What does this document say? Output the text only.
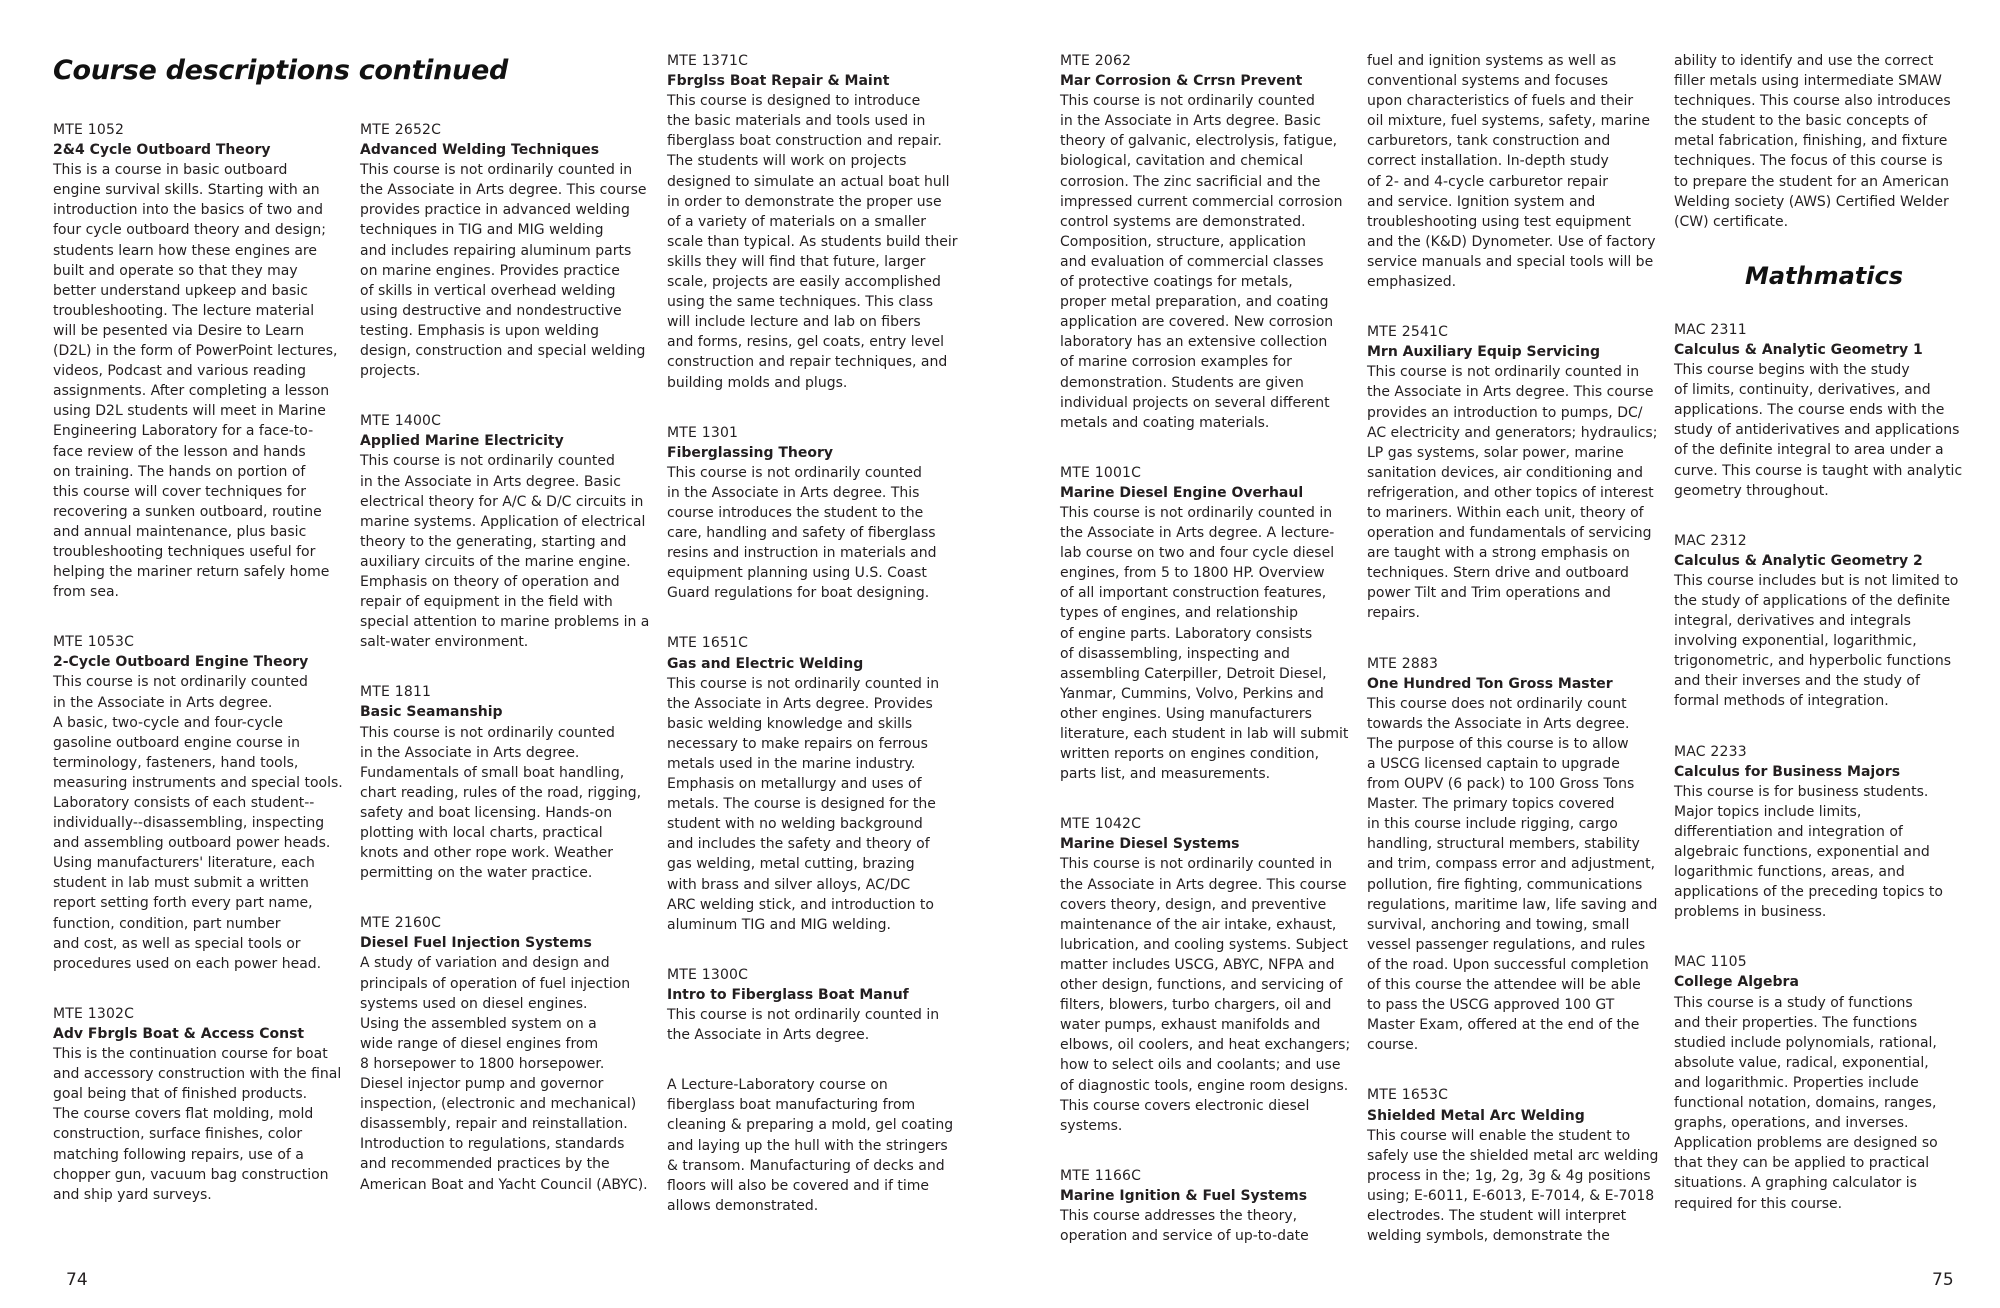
Course descriptions continued
MTE 1052
2&4 Cycle Outboard Theory
This is a course in basic outboard
engine survival skills. Starting with an
introduction into the basics of two and
four cycle outboard theory and design;
students learn how these engines are
built and operate so that they may
better understand upkeep and basic
troubleshooting. The lecture material
will be pesented via Desire to Learn
(D2L) in the form of PowerPoint lectures,
videos, Podcast and various reading
assignments. After completing a lesson
using D2L students will meet in Marine
Engineering Laboratory for a face-to-
face review of the lesson and hands
on training. The hands on portion of
this course will cover techniques for
recovering a sunken outboard, routine
and annual maintenance, plus basic
troubleshooting techniques useful for
helping the mariner return safely home
from sea.
MTE 1053C
2-Cycle Outboard Engine Theory
This course is not ordinarily counted
in the Associate in Arts degree.
A basic, two-cycle and four-cycle
gasoline outboard engine course in
terminology, fasteners, hand tools,
measuring instruments and special tools.
Laboratory consists of each student--
individually--disassembling, inspecting
and assembling outboard power heads.
Using manufacturers' literature, each
student in lab must submit a written
report setting forth every part name,
function, condition, part number
and cost, as well as special tools or
procedures used on each power head.
MTE 1302C
Adv Fbrgls Boat & Access Const
This is the continuation course for boat
and accessory construction with the final
goal being that of finished products.
The course covers flat molding, mold
construction, surface finishes, color
matching following repairs, use of a
chopper gun, vacuum bag construction
and ship yard surveys.
MTE 2652C
Advanced Welding Techniques
This course is not ordinarily counted in
the Associate in Arts degree. This course
provides practice in advanced welding
techniques in TIG and MIG welding
and includes repairing aluminum parts
on marine engines. Provides practice
of skills in vertical overhead welding
using destructive and nondestructive
testing. Emphasis is upon welding
design, construction and special welding
projects.
MTE 1400C
Applied Marine Electricity
This course is not ordinarily counted
in the Associate in Arts degree. Basic
electrical theory for A/C & D/C circuits in
marine systems. Application of electrical
theory to the generating, starting and
auxiliary circuits of the marine engine.
Emphasis on theory of operation and
repair of equipment in the field with
special attention to marine problems in a
salt-water environment.
MTE 1811
Basic Seamanship
This course is not ordinarily counted
in the Associate in Arts degree.
Fundamentals of small boat handling,
chart reading, rules of the road, rigging,
safety and boat licensing. Hands-on
plotting with local charts, practical
knots and other rope work. Weather
permitting on the water practice.
MTE 2160C
Diesel Fuel Injection Systems
A study of variation and design and
principals of operation of fuel injection
systems used on diesel engines.
Using the assembled system on a
wide range of diesel engines from
8 horsepower to 1800 horsepower.
Diesel injector pump and governor
inspection, (electronic and mechanical)
disassembly, repair and reinstallation.
Introduction to regulations, standards
and recommended practices by the
American Boat and Yacht Council (ABYC).
MTE 1371C
Fbrglss Boat Repair & Maint
This course is designed to introduce
the basic materials and tools used in
fiberglass boat construction and repair.
The students will work on projects
designed to simulate an actual boat hull
in order to demonstrate the proper use
of a variety of materials on a smaller
scale than typical. As students build their
skills they will find that future, larger
scale, projects are easily accomplished
using the same techniques. This class
will include lecture and lab on fibers
and forms, resins, gel coats, entry level
construction and repair techniques, and
building molds and plugs.
MTE 1301
Fiberglassing Theory
This course is not ordinarily counted
in the Associate in Arts degree. This
course introduces the student to the
care, handling and safety of fiberglass
resins and instruction in materials and
equipment planning using U.S. Coast
Guard regulations for boat designing.
MTE 1651C
Gas and Electric Welding
This course is not ordinarily counted in
the Associate in Arts degree. Provides
basic welding knowledge and skills
necessary to make repairs on ferrous
metals used in the marine industry.
Emphasis on metallurgy and uses of
metals. The course is designed for the
student with no welding background
and includes the safety and theory of
gas welding, metal cutting, brazing
with brass and silver alloys, AC/DC
ARC welding stick, and introduction to
aluminum TIG and MIG welding.
MTE 1300C
Intro to Fiberglass Boat Manuf
This course is not ordinarily counted in
the Associate in Arts degree.
A Lecture-Laboratory course on
fiberglass boat manufacturing from
cleaning & preparing a mold, gel coating
and laying up the hull with the stringers
& transom. Manufacturing of decks and
floors will also be covered and if time
allows demonstrated.
74
MTE 2062
Mar Corrosion & Crrsn Prevent
This course is not ordinarily counted
in the Associate in Arts degree. Basic
theory of galvanic, electrolysis, fatigue,
biological, cavitation and chemical
corrosion. The zinc sacrificial and the
impressed current commercial corrosion
control systems are demonstrated.
Composition, structure, application
and evaluation of commercial classes
of protective coatings for metals,
proper metal preparation, and coating
application are covered. New corrosion
laboratory has an extensive collection
of marine corrosion examples for
demonstration. Students are given
individual projects on several different
metals and coating materials.
MTE 1001C
Marine Diesel Engine Overhaul
This course is not ordinarily counted in
the Associate in Arts degree. A lecture-
lab course on two and four cycle diesel
engines, from 5 to 1800 HP. Overview
of all important construction features,
types of engines, and relationship
of engine parts. Laboratory consists
of disassembling, inspecting and
assembling Caterpiller, Detroit Diesel,
Yanmar, Cummins, Volvo, Perkins and
other engines. Using manufacturers
literature, each student in lab will submit
written reports on engines condition,
parts list, and measurements.
MTE 1042C
Marine Diesel Systems
This course is not ordinarily counted in
the Associate in Arts degree. This course
covers theory, design, and preventive
maintenance of the air intake, exhaust,
lubrication, and cooling systems. Subject
matter includes USCG, ABYC, NFPA and
other design, functions, and servicing of
filters, blowers, turbo chargers, oil and
water pumps, exhaust manifolds and
elbows, oil coolers, and heat exchangers;
how to select oils and coolants; and use
of diagnostic tools, engine room designs.
This course covers electronic diesel
systems.
MTE 1166C
Marine Ignition & Fuel Systems
This course addresses the theory,
operation and service of up-to-date
fuel and ignition systems as well as
conventional systems and focuses
upon characteristics of fuels and their
oil mixture, fuel systems, safety, marine
carburetors, tank construction and
correct installation. In-depth study
of 2- and 4-cycle carburetor repair
and service. Ignition system and
troubleshooting using test equipment
and the (K&D) Dynometer. Use of factory
service manuals and special tools will be
emphasized.
MTE 2541C
Mrn Auxiliary Equip Servicing
This course is not ordinarily counted in
the Associate in Arts degree. This course
provides an introduction to pumps, DC/
AC electricity and generators; hydraulics;
LP gas systems, solar power, marine
sanitation devices, air conditioning and
refrigeration, and other topics of interest
to mariners. Within each unit, theory of
operation and fundamentals of servicing
are taught with a strong emphasis on
techniques. Stern drive and outboard
power Tilt and Trim operations and
repairs.
MTE 2883
One Hundred Ton Gross Master
This course does not ordinarily count
towards the Associate in Arts degree.
The purpose of this course is to allow
a USCG licensed captain to upgrade
from OUPV (6 pack) to 100 Gross Tons
Master. The primary topics covered
in this course include rigging, cargo
handling, structural members, stability
and trim, compass error and adjustment,
pollution, fire fighting, communications
regulations, maritime law, life saving and
survival, anchoring and towing, small
vessel passenger regulations, and rules
of the road. Upon successful completion
of this course the attendee will be able
to pass the USCG approved 100 GT
Master Exam, offered at the end of the
course.
MTE 1653C
Shielded Metal Arc Welding
This course will enable the student to
safely use the shielded metal arc welding
process in the; 1g, 2g, 3g & 4g positions
using; E-6011, E-6013, E-7014, & E-7018
electrodes. The student will interpret
welding symbols, demonstrate the
ability to identify and use the correct
filler metals using intermediate SMAW
techniques. This course also introduces
the student to the basic concepts of
metal fabrication, finishing, and fixture
techniques. The focus of this course is
to prepare the student for an American
Welding society (AWS) Certified Welder
(CW) certificate.
Mathmatics
MAC 2311
Calculus & Analytic Geometry 1
This course begins with the study
of limits, continuity, derivatives, and
applications. The course ends with the
study of antiderivatives and applications
of the definite integral to area under a
curve. This course is taught with analytic
geometry throughout.
MAC 2312
Calculus & Analytic Geometry 2
This course includes but is not limited to
the study of applications of the definite
integral, derivatives and integrals
involving exponential, logarithmic,
trigonometric, and hyperbolic functions
and their inverses and the study of
formal methods of integration.
MAC 2233
Calculus for Business Majors
This course is for business students.
Major topics include limits,
differentiation and integration of
algebraic functions, exponential and
logarithmic functions, areas, and
applications of the preceding topics to
problems in business.
MAC 1105
College Algebra
This course is a study of functions
and their properties. The functions
studied include polynomials, rational,
absolute value, radical, exponential,
and logarithmic. Properties include
functional notation, domains, ranges,
graphs, operations, and inverses.
Application problems are designed so
that they can be applied to practical
situations. A graphing calculator is
required for this course.
75
